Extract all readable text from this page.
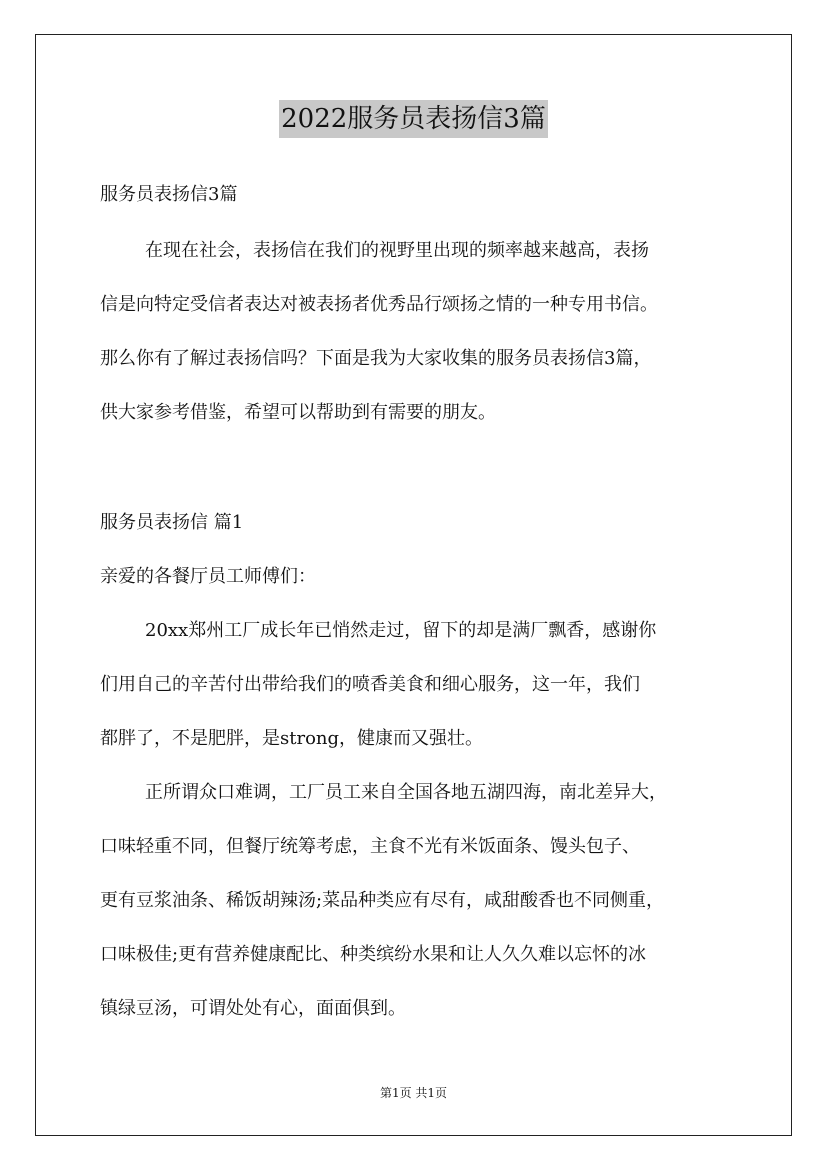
2022服务员表扬信3篇
服务员表扬信3篇
在现在社会，表扬信在我们的视野里出现的频率越来越高，表扬
信是向特定受信者表达对被表扬者优秀品行颂扬之情的一种专用书信。
那么你有了解过表扬信吗？下面是我为大家收集的服务员表扬信3篇，
供大家参考借鉴，希望可以帮助到有需要的朋友。
服务员表扬信 篇1
亲爱的各餐厅员工师傅们：
20xx郑州工厂成长年已悄然走过，留下的却是满厂飘香，感谢你
们用自己的辛苦付出带给我们的喷香美食和细心服务，这一年，我们
都胖了，不是肥胖，是strong，健康而又强壮。
正所谓众口难调，工厂员工来自全国各地五湖四海，南北差异大，
口味轻重不同，但餐厅统筹考虑，主食不光有米饭面条、馒头包子、
更有豆浆油条、稀饭胡辣汤;菜品种类应有尽有，咸甜酸香也不同侧重，
口味极佳;更有营养健康配比、种类缤纷水果和让人久久难以忘怀的冰
镇绿豆汤，可谓处处有心，面面俱到。
第1页 共1页
